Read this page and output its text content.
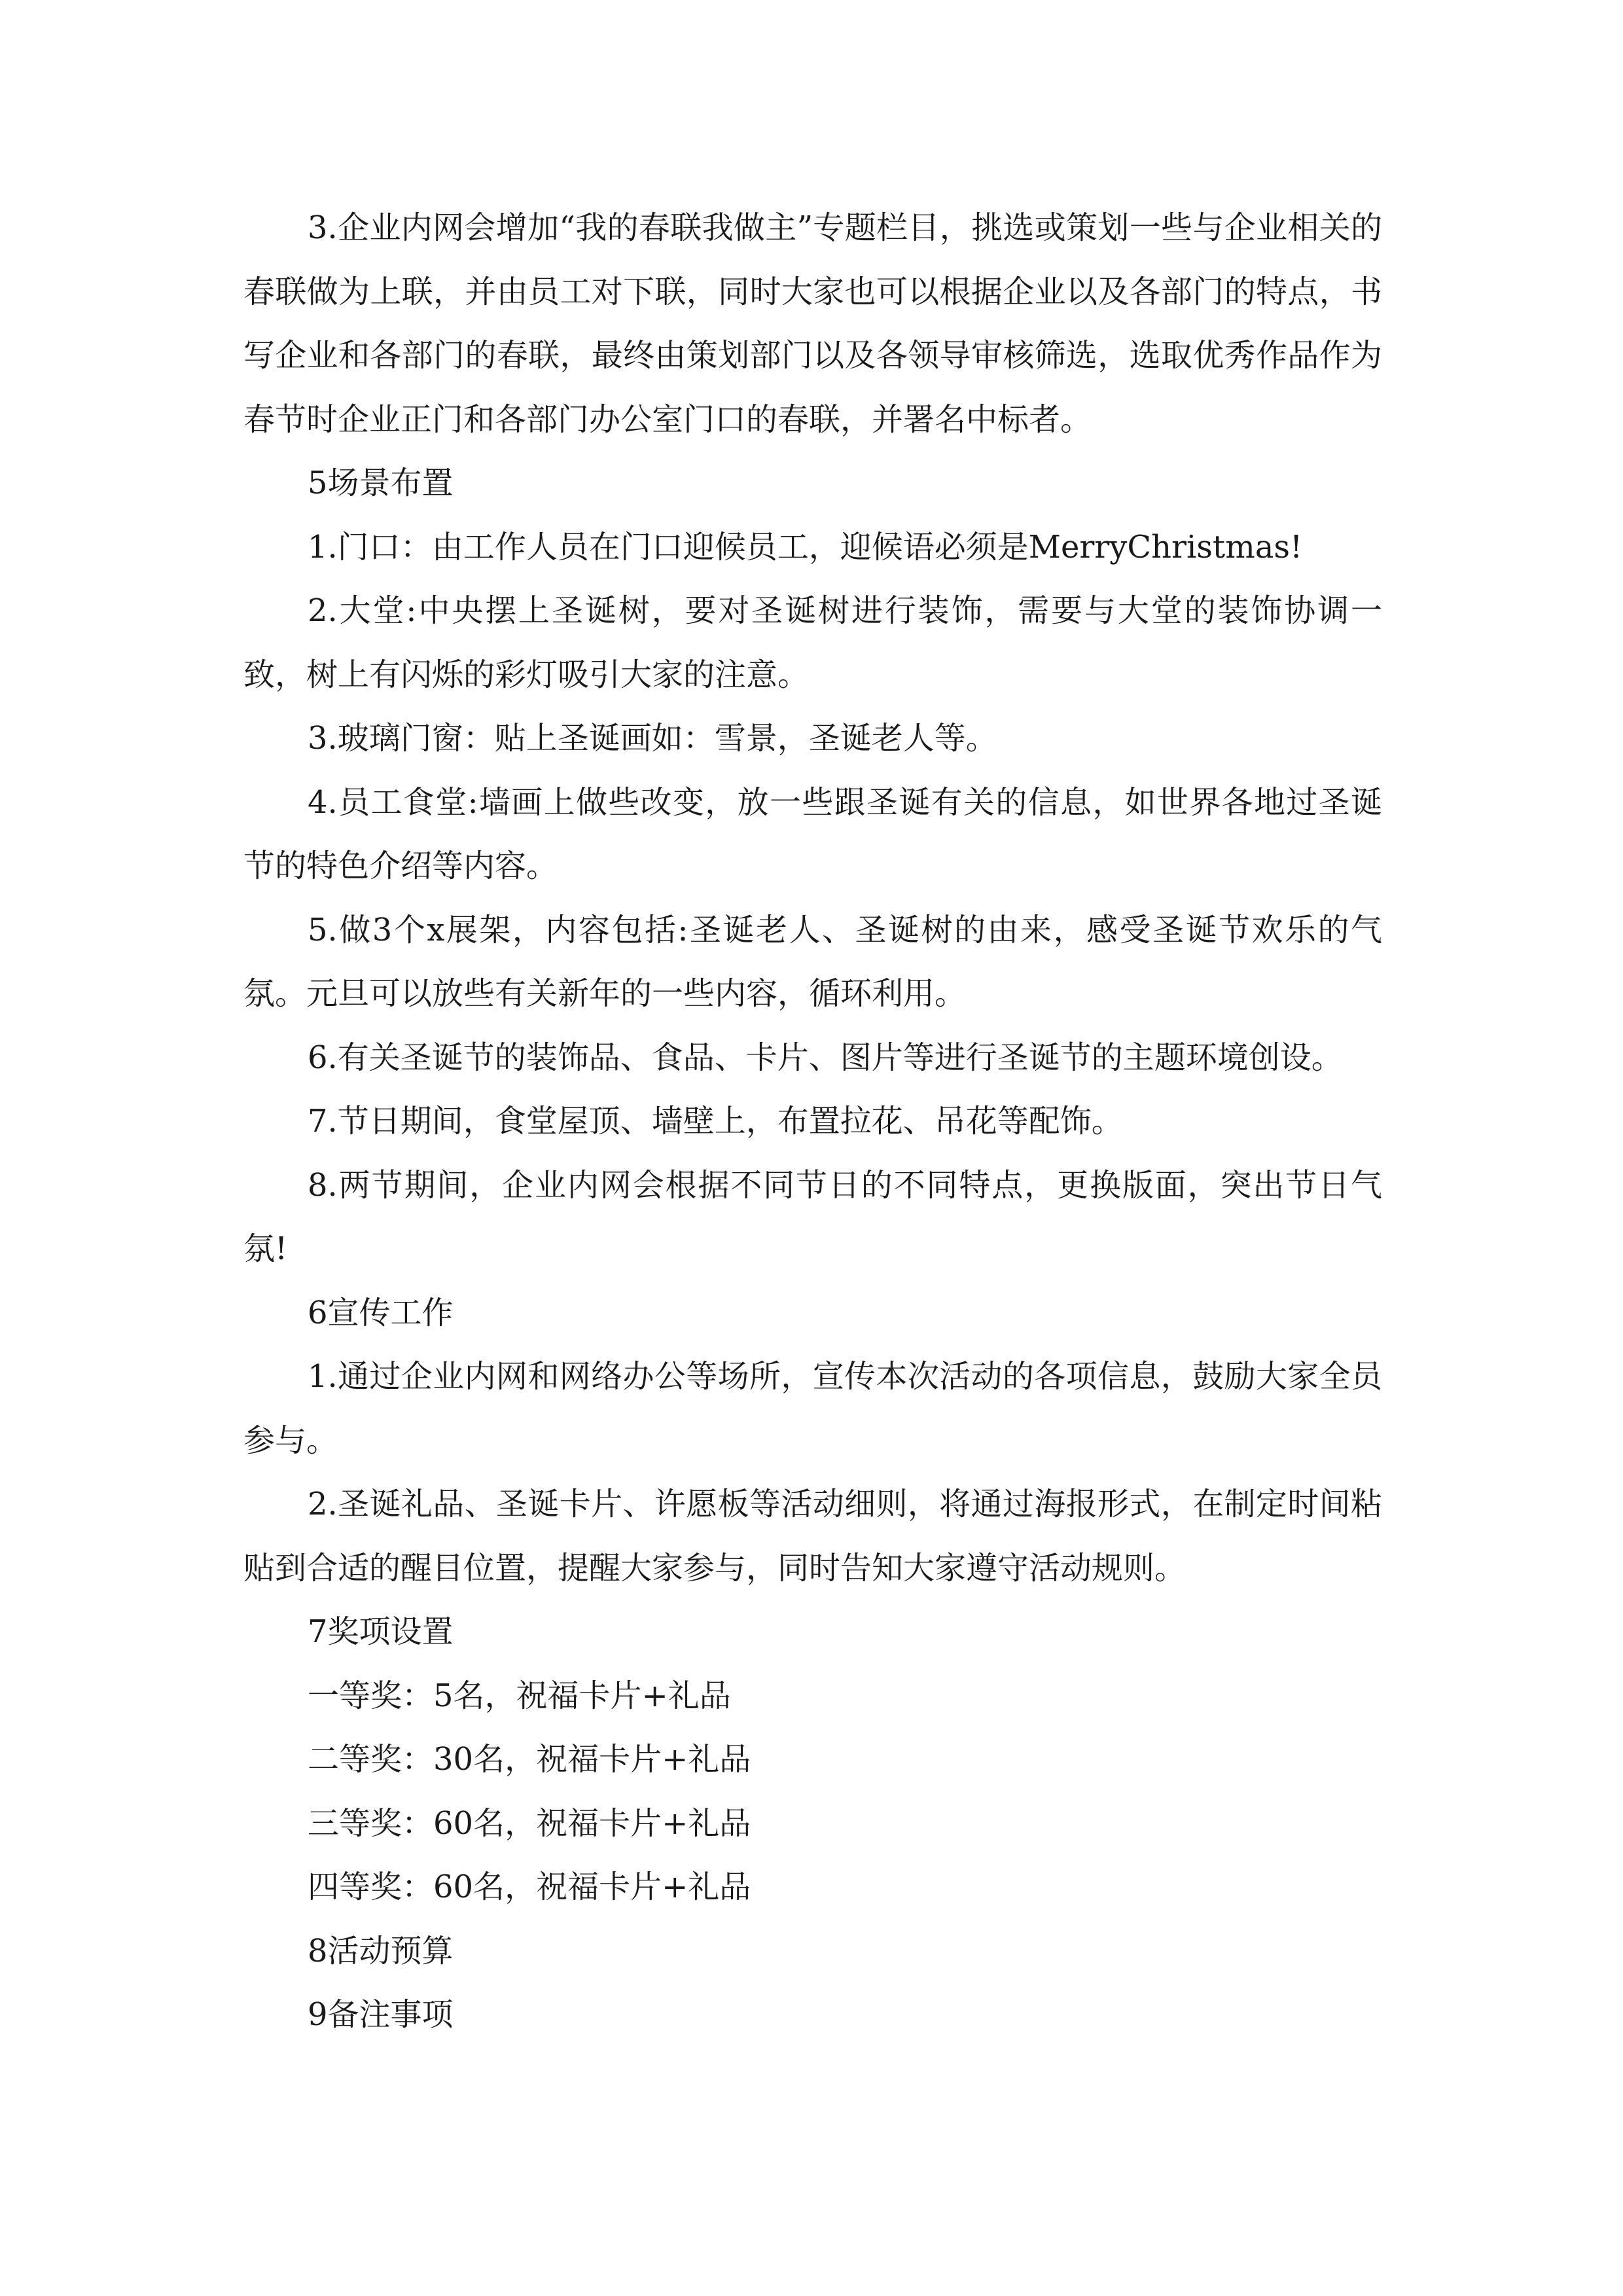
3.企业内网会增加“我的春联我做主”专题栏目，挑选或策划一些与企业相关的春联做为上联，并由员工对下联，同时大家也可以根据企业以及各部门的特点，书写企业和各部门的春联，最终由策划部门以及各领导审核筛选，选取优秀作品作为春节时企业正门和各部门办公室门口的春联，并署名中标者。

5场景布置

1.门口：由工作人员在门口迎候员工，迎候语必须是MerryChristmas!

2.大堂:中央摆上圣诞树，要对圣诞树进行装饰，需要与大堂的装饰协调一致，树上有闪烁的彩灯吸引大家的注意。

3.玻璃门窗：贴上圣诞画如：雪景，圣诞老人等。

4.员工食堂:墙画上做些改变，放一些跟圣诞有关的信息，如世界各地过圣诞节的特色介绍等内容。

5.做3个x展架，内容包括:圣诞老人、圣诞树的由来，感受圣诞节欢乐的气氛。元旦可以放些有关新年的一些内容，循环利用。

6.有关圣诞节的装饰品、食品、卡片、图片等进行圣诞节的主题环境创设。

7.节日期间，食堂屋顶、墙壁上，布置拉花、吊花等配饰。

8.两节期间，企业内网会根据不同节日的不同特点，更换版面，突出节日气氛!

6宣传工作

1.通过企业内网和网络办公等场所，宣传本次活动的各项信息，鼓励大家全员参与。

2.圣诞礼品、圣诞卡片、许愿板等活动细则，将通过海报形式，在制定时间粘贴到合适的醒目位置，提醒大家参与，同时告知大家遵守活动规则。

7奖项设置

一等奖：5名，祝福卡片+礼品

二等奖：30名，祝福卡片+礼品

三等奖：60名，祝福卡片+礼品

四等奖：60名，祝福卡片+礼品

8活动预算

9备注事项
